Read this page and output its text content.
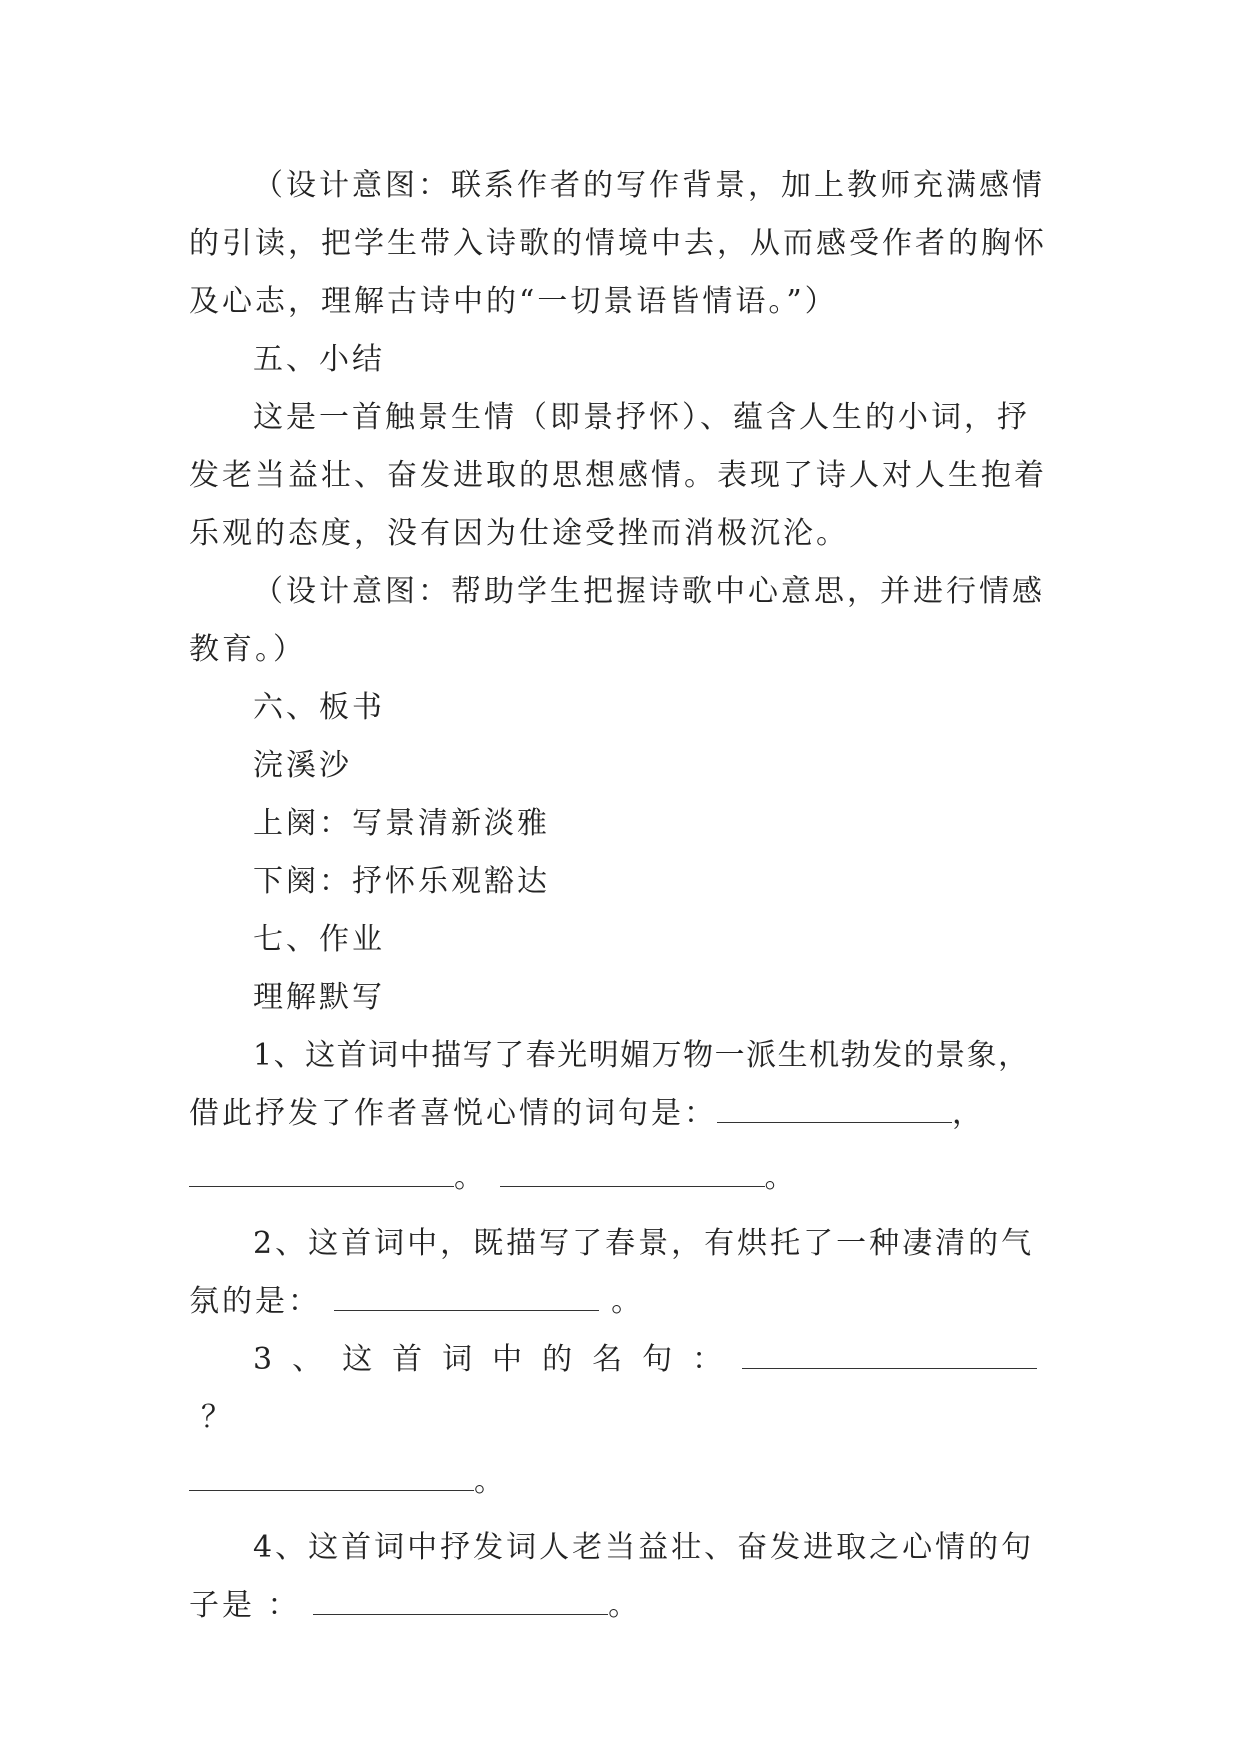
（设计意图：联系作者的写作背景，加上教师充满感情的引读，把学生带入诗歌的情境中去，从而感受作者的胸怀及心志，理解古诗中的“一切景语皆情语。”）

五、小结

这是一首触景生情（即景抒怀）、蕴含人生的小词，抒发老当益壮、奋发进取的思想感情。表现了诗人对人生抱着乐观的态度，没有因为仕途受挫而消极沉沦。

（设计意图：帮助学生把握诗歌中心意思，并进行情感教育。）

六、板书

浣溪沙

上阕：写景清新淡雅

下阕：抒怀乐观豁达

七、作业

理解默写

1、这首词中描写了春光明媚万物一派生机勃发的景象，

借此抒发了作者喜悦心情的词句是：	，

。	。

2、这首词中，既描写了春景，有烘托了一种凄清的气

氛的是：	。

3、这首词中的名句：？

。

4、这首词中抒发词人老当益壮、奋发进取之心情的句

子是 ：	。
